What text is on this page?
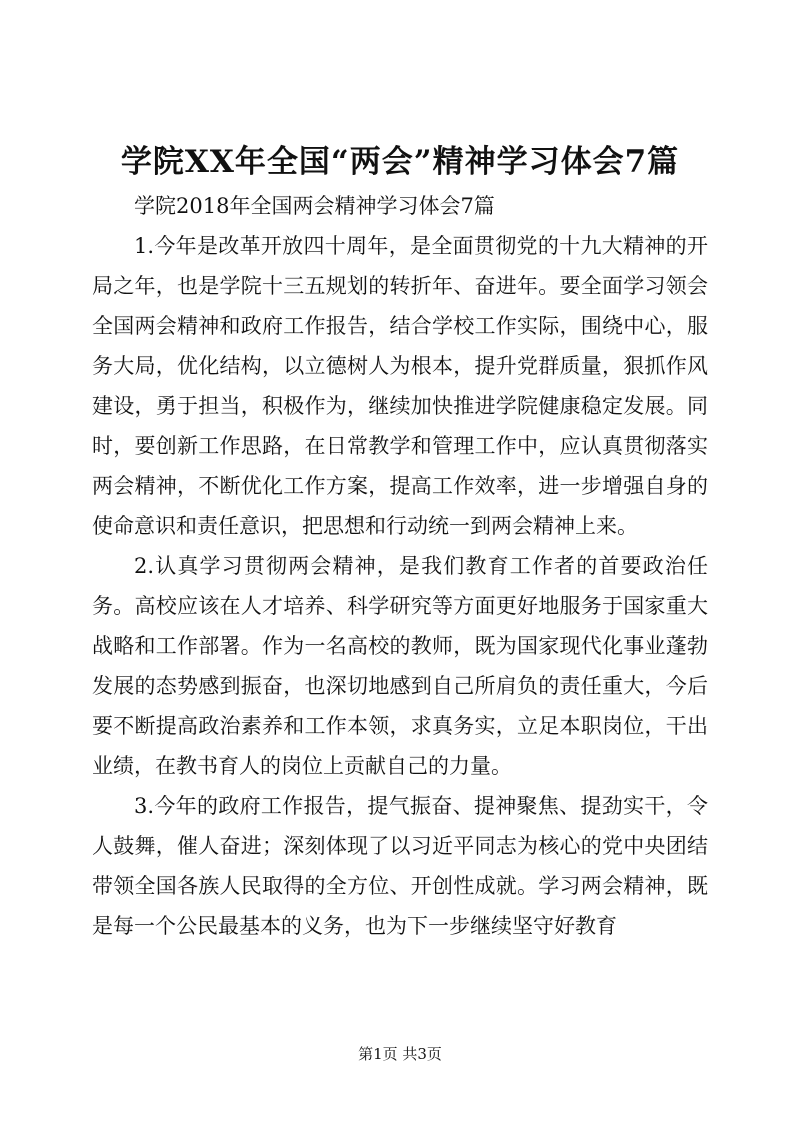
学院XX年全国“两会”精神学习体会7篇

学院2018年全国两会精神学习体会7篇

1.今年是改革开放四十周年，是全面贯彻党的十九大精神的开局之年，也是学院十三五规划的转折年、奋进年。要全面学习领会全国两会精神和政府工作报告，结合学校工作实际，围绕中心，服务大局，优化结构，以立德树人为根本，提升党群质量，狠抓作风建设，勇于担当，积极作为，继续加快推进学院健康稳定发展。同时，要创新工作思路，在日常教学和管理工作中，应认真贯彻落实两会精神，不断优化工作方案，提高工作效率，进一步增强自身的使命意识和责任意识，把思想和行动统一到两会精神上来。

2.认真学习贯彻两会精神，是我们教育工作者的首要政治任务。高校应该在人才培养、科学研究等方面更好地服务于国家重大战略和工作部署。作为一名高校的教师，既为国家现代化事业蓬勃发展的态势感到振奋，也深切地感到自己所肩负的责任重大，今后要不断提高政治素养和工作本领，求真务实，立足本职岗位，干出业绩，在教书育人的岗位上贡献自己的力量。

3.今年的政府工作报告，提气振奋、提神聚焦、提劲实干，令人鼓舞，催人奋进；深刻体现了以习近平同志为核心的党中央团结带领全国各族人民取得的全方位、开创性成就。学习两会精神，既是每一个公民最基本的义务，也为下一步继续坚守好教育

第1页 共3页
